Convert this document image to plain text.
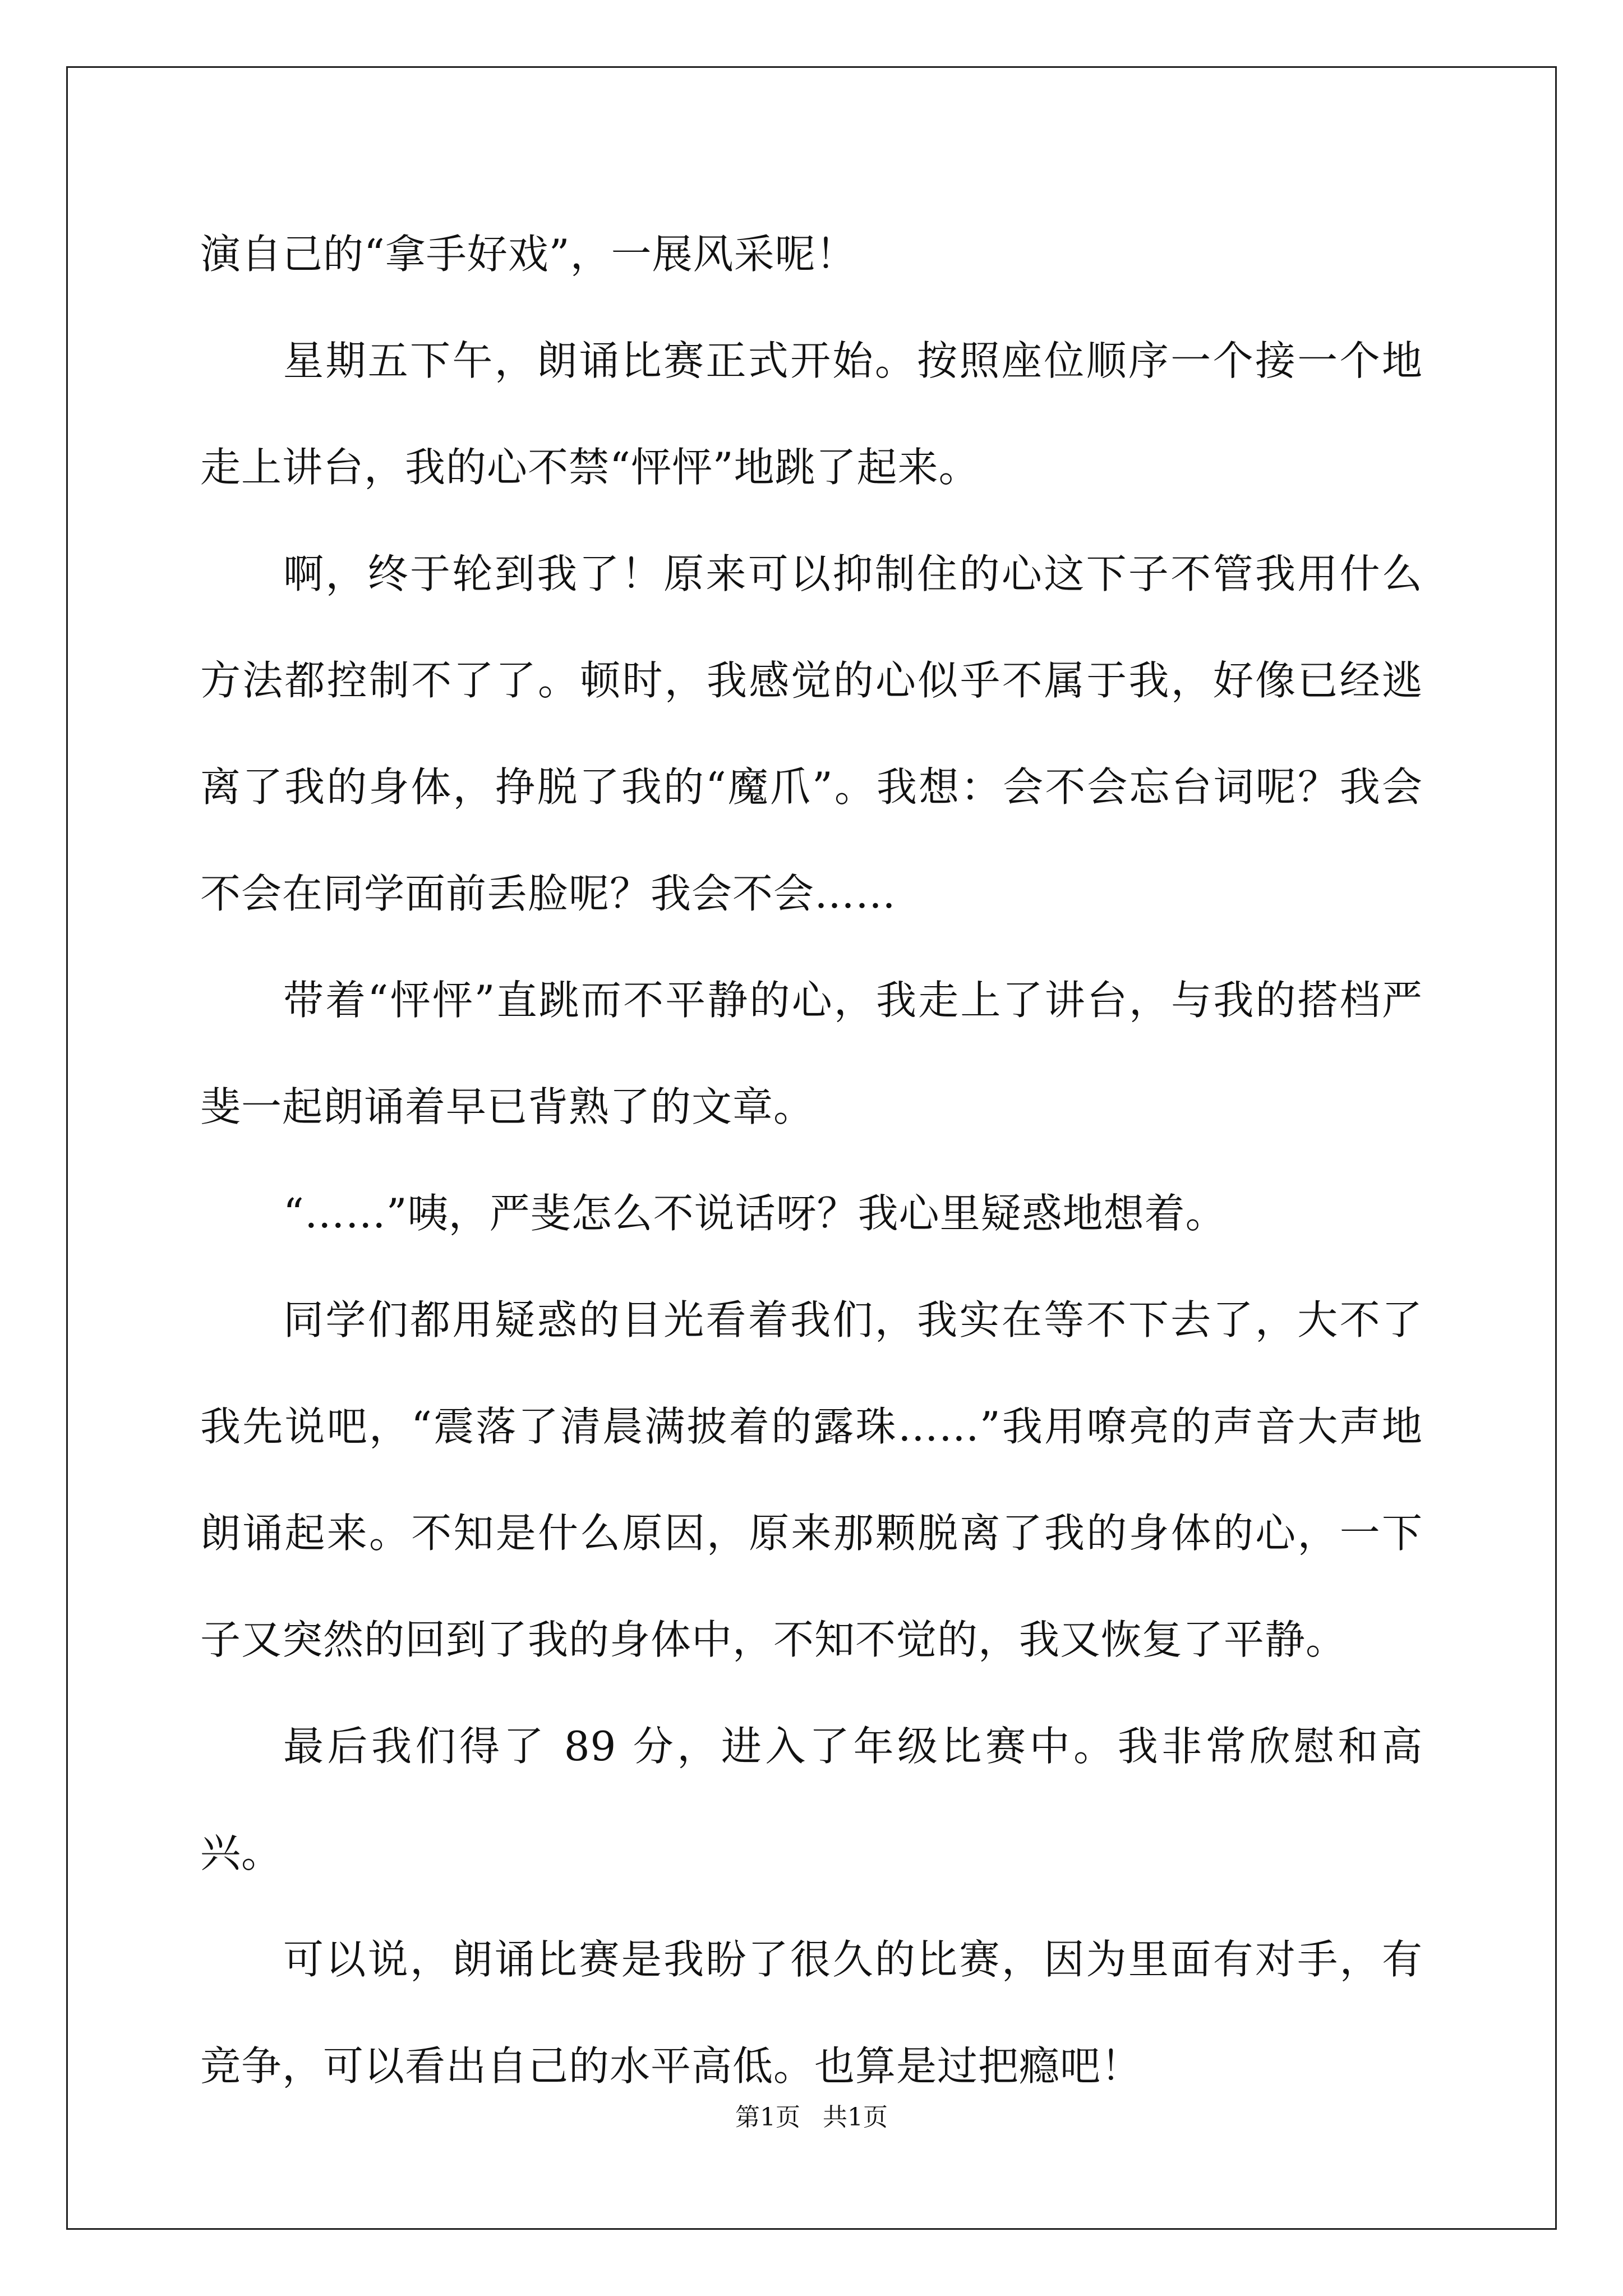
演自己的“拿手好戏”，一展风采呢！

星期五下午，朗诵比赛正式开始。按照座位顺序一个接一个地走上讲台，我的心不禁“怦怦”地跳了起来。

啊，终于轮到我了！原来可以抑制住的心这下子不管我用什么方法都控制不了了。顿时，我感觉的心似乎不属于我，好像已经逃离了我的身体，挣脱了我的“魔爪”。我想：会不会忘台词呢？我会不会在同学面前丢脸呢？我会不会……

带着“怦怦”直跳而不平静的心，我走上了讲台，与我的搭档严斐一起朗诵着早已背熟了的文章。

“……”咦，严斐怎么不说话呀？我心里疑惑地想着。

同学们都用疑惑的目光看着我们，我实在等不下去了，大不了我先说吧，“震落了清晨满披着的露珠……”我用嘹亮的声音大声地朗诵起来。不知是什么原因，原来那颗脱离了我的身体的心，一下子又突然的回到了我的身体中，不知不觉的，我又恢复了平静。

最后我们得了 89 分，进入了年级比赛中。我非常欣慰和高兴。

可以说，朗诵比赛是我盼了很久的比赛，因为里面有对手，有竞争，可以看出自己的水平高低。也算是过把瘾吧！

第1页 共1页
